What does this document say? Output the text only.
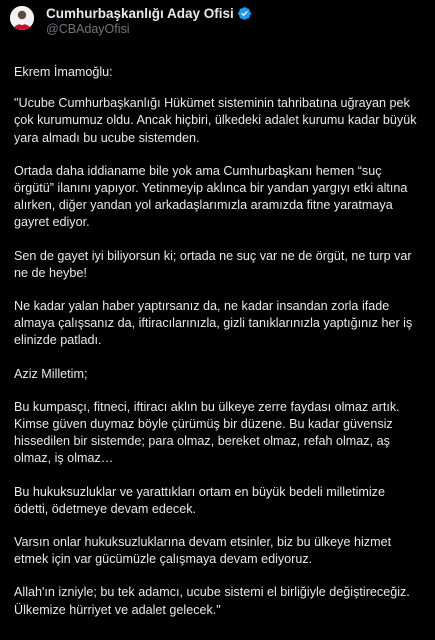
Cumhurbaşkanlığı Aday Ofisi
@CBAdayOfisi

Ekrem İmamoğlu:

"Ucube Cumhurbaşkanlığı Hükümet sisteminin tahribatına uğrayan pek çok kurumumuz oldu. Ancak hiçbiri, ülkedeki adalet kurumu kadar büyük yara almadı bu ucube sistemden.

Ortada daha iddianame bile yok ama Cumhurbaşkanı hemen “suç örgütü” ilanını yapıyor. Yetinmeyip aklınca bir yandan yargıyı etki altına alırken, diğer yandan yol arkadaşlarımızla aramızda fitne yaratmaya gayret ediyor.

Sen de gayet iyi biliyorsun ki; ortada ne suç var ne de örgüt, ne turp var ne de heybe!

Ne kadar yalan haber yaptırsanız da, ne kadar insandan zorla ifade almaya çalışsanız da, iftiracılarınızla, gizli tanıklarınızla yaptığınız her iş elinizde patladı.

Aziz Milletim;

Bu kumpasçı, fitneci, iftiracı aklın bu ülkeye zerre faydası olmaz artık. Kimse güven duymaz böyle çürümüş bir düzene. Bu kadar güvensiz hissedilen bir sistemde; para olmaz, bereket olmaz, refah olmaz, aş olmaz, iş olmaz…

Bu hukuksuzluklar ve yarattıkları ortam en büyük bedeli milletimize ödetti, ödetmeye devam edecek.

Varsın onlar hukuksuzluklarına devam etsinler, biz bu ülkeye hizmet etmek için var gücümüzle çalışmaya devam ediyoruz.

Allah'ın izniyle; bu tek adamcı, ucube sistemi el birliğiyle değiştireceğiz. Ülkemize hürriyet ve adalet gelecek."
